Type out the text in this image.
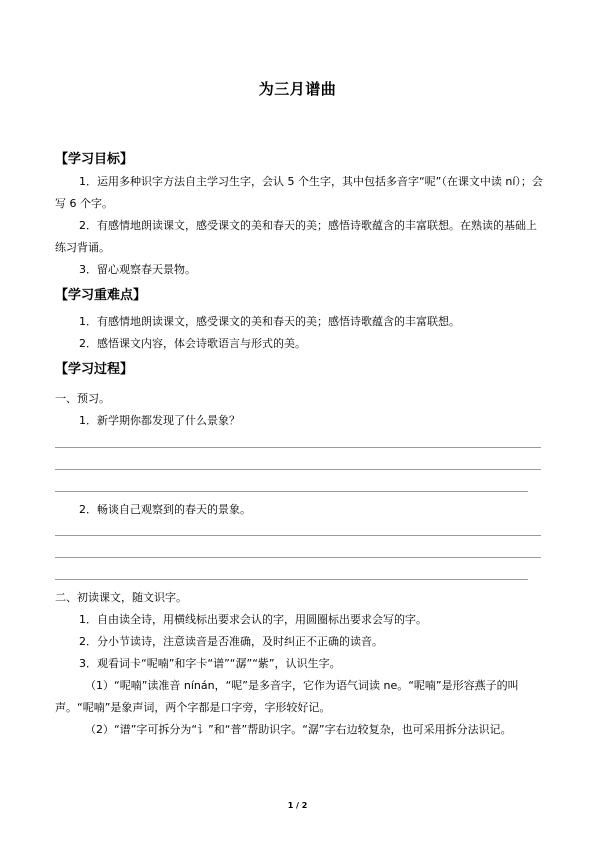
为三月谱曲
【学习目标】
1．运用多种识字方法自主学习生字，会认 5 个生字，其中包括多音字“呢”（在课文中读 ní）；会写 6 个字。
2．有感情地朗读课文，感受课文的美和春天的美；感悟诗歌蕴含的丰富联想。在熟读的基础上练习背诵。
3．留心观察春天景物。
【学习重难点】
1．有感情地朗读课文，感受课文的美和春天的美；感悟诗歌蕴含的丰富联想。
2．感悟课文内容，体会诗歌语言与形式的美。
【学习过程】
一、预习。
1．新学期你都发现了什么景象？
2．畅谈自己观察到的春天的景象。
二、初读课文，随文识字。
1．自由读全诗，用横线标出要求会认的字，用圆圈标出要求会写的字。
2．分小节读诗，注意读音是否准确，及时纠正不正确的读音。
3．观看词卡“呢喃”和字卡“谱”“潺”“紫”，认识生字。
（1）“呢喃”读准音 nínán，“呢”是多音字，它作为语气词读 ne。“呢喃”是形容燕子的叫声。“呢喃”是象声词，两个字都是口字旁，字形较好记。
（2）“谱”字可拆分为“讠”和“普”帮助识字。“潺”字右边较复杂，也可采用拆分法识记。
1 / 2
